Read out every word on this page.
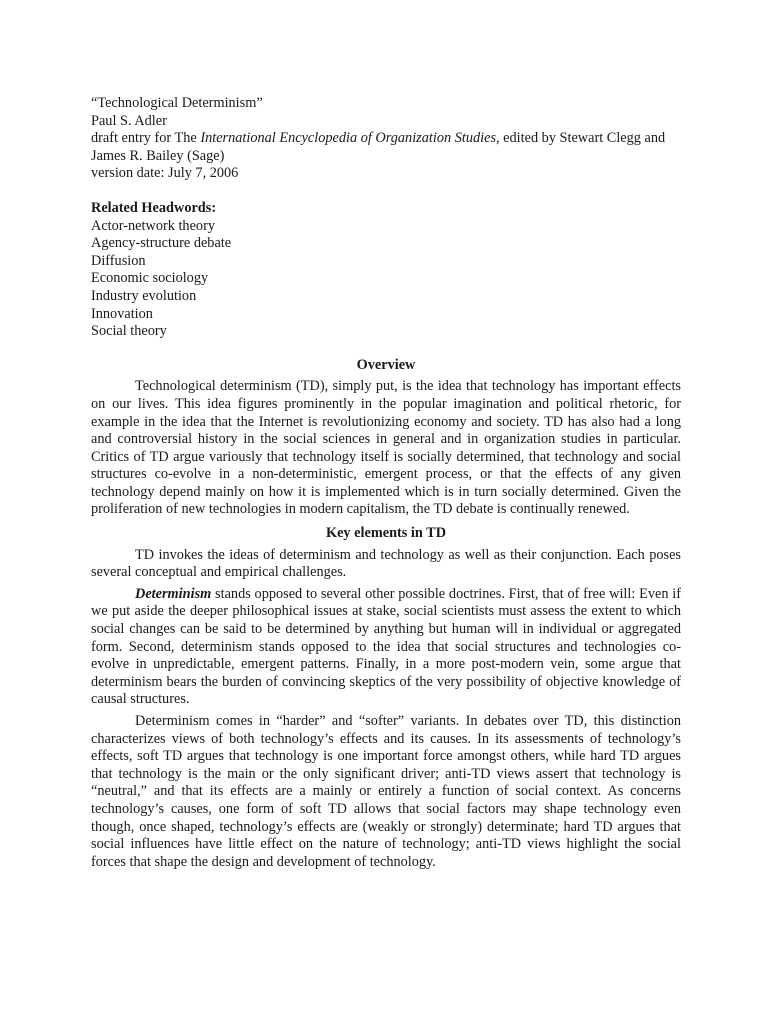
“Technological Determinism”
Paul S. Adler
draft entry for The International Encyclopedia of Organization Studies, edited by Stewart Clegg and James R. Bailey (Sage)
version date: July 7, 2006
Related Headwords:
Actor-network theory
Agency-structure debate
Diffusion
Economic sociology
Industry evolution
Innovation
Social theory
Overview

Technological determinism (TD), simply put, is the idea that technology has important effects on our lives. This idea figures prominently in the popular imagination and political rhetoric, for example in the idea that the Internet is revolutionizing economy and society. TD has also had a long and controversial history in the social sciences in general and in organization studies in particular. Critics of TD argue variously that technology itself is socially determined, that technology and social structures co-evolve in a non-deterministic, emergent process, or that the effects of any given technology depend mainly on how it is implemented which is in turn socially determined. Given the proliferation of new technologies in modern capitalism, the TD debate is continually renewed.

Key elements in TD

TD invokes the ideas of determinism and technology as well as their conjunction. Each poses several conceptual and empirical challenges.

Determinism stands opposed to several other possible doctrines. First, that of free will: Even if we put aside the deeper philosophical issues at stake, social scientists must assess the extent to which social changes can be said to be determined by anything but human will in individual or aggregated form. Second, determinism stands opposed to the idea that social structures and technologies co-evolve in unpredictable, emergent patterns. Finally, in a more post-modern vein, some argue that determinism bears the burden of convincing skeptics of the very possibility of objective knowledge of causal structures.

Determinism comes in “harder” and “softer” variants. In debates over TD, this distinction characterizes views of both technology’s effects and its causes. In its assessments of technology’s effects, soft TD argues that technology is one important force amongst others, while hard TD argues that technology is the main or the only significant driver; anti-TD views assert that technology is “neutral,” and that its effects are a mainly or entirely a function of social context. As concerns technology’s causes, one form of soft TD allows that social factors may shape technology even though, once shaped, technology’s effects are (weakly or strongly) determinate; hard TD argues that social influences have little effect on the nature of technology; anti-TD views highlight the social forces that shape the design and development of technology.
